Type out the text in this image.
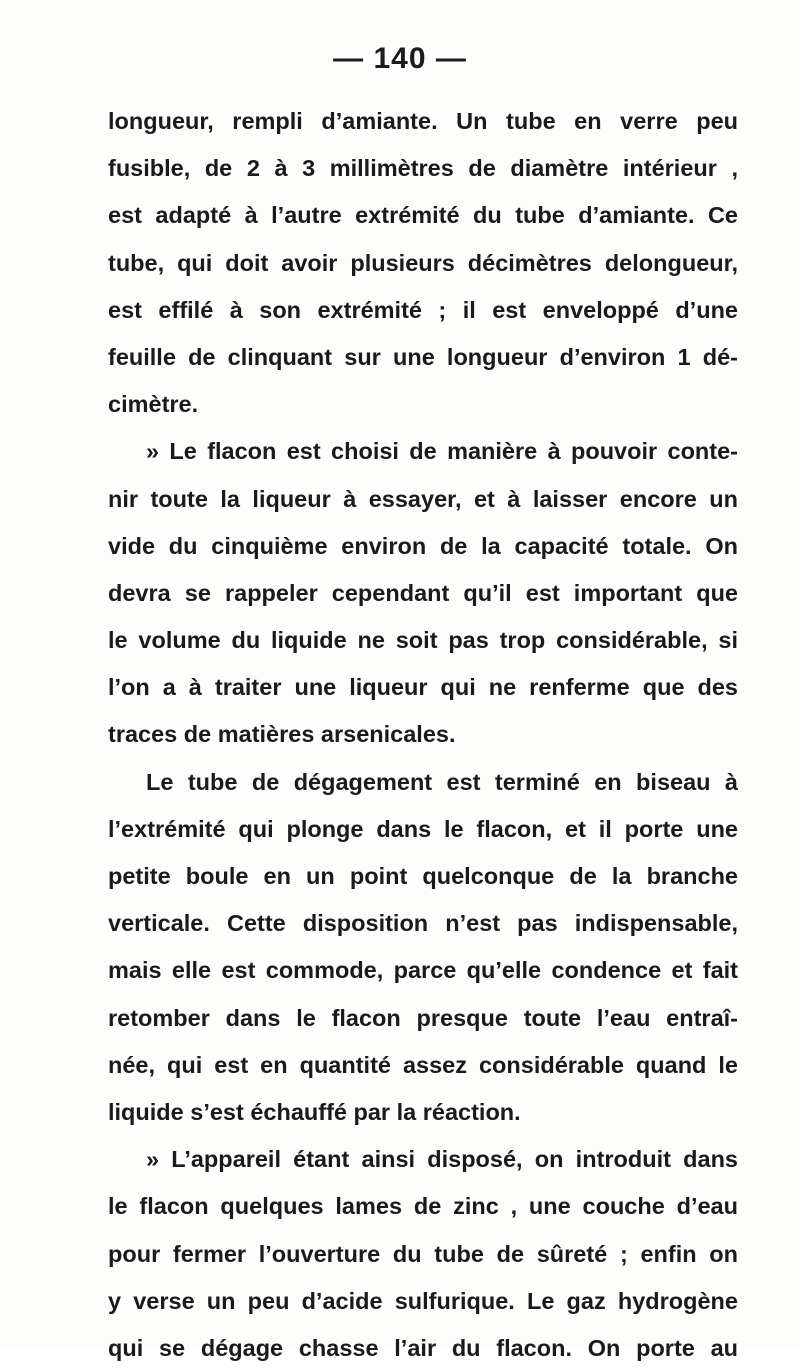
— 140 —
longueur, rempli d’amiante. Un tube en verre peu
fusible, de 2 à 3 millimètres de diamètre intérieur ,
est adapté à l’autre extrémité du tube d’amiante. Ce
tube, qui doit avoir plusieurs décimètres delongueur,
est effilé à son extrémité ; il est enveloppé d’une
feuille de clinquant sur une longueur d’environ 1 dé-
cimètre.
» Le flacon est choisi de manière à pouvoir conte-
nir toute la liqueur à essayer, et à laisser encore un
vide du cinquième environ de la capacité totale. On
devra se rappeler cependant qu’il est important que
le volume du liquide ne soit pas trop considérable, si
l’on a à traiter une liqueur qui ne renferme que des
traces de matières arsenicales.
Le tube de dégagement est terminé en biseau à
l’extrémité qui plonge dans le flacon, et il porte une
petite boule en un point quelconque de la branche
verticale. Cette disposition n’est pas indispensable,
mais elle est commode, parce qu’elle condence et fait
retomber dans le flacon presque toute l’eau entraî-
née, qui est en quantité assez considérable quand le
liquide s’est échauffé par la réaction.
» L’appareil étant ainsi disposé, on introduit dans
le flacon quelques lames de zinc , une couche d’eau
pour fermer l’ouverture du tube de sûreté ; enfin on
y verse un peu d’acide sulfurique. Le gaz hydrogène
qui se dégage chasse l’air du flacon. On porte au
